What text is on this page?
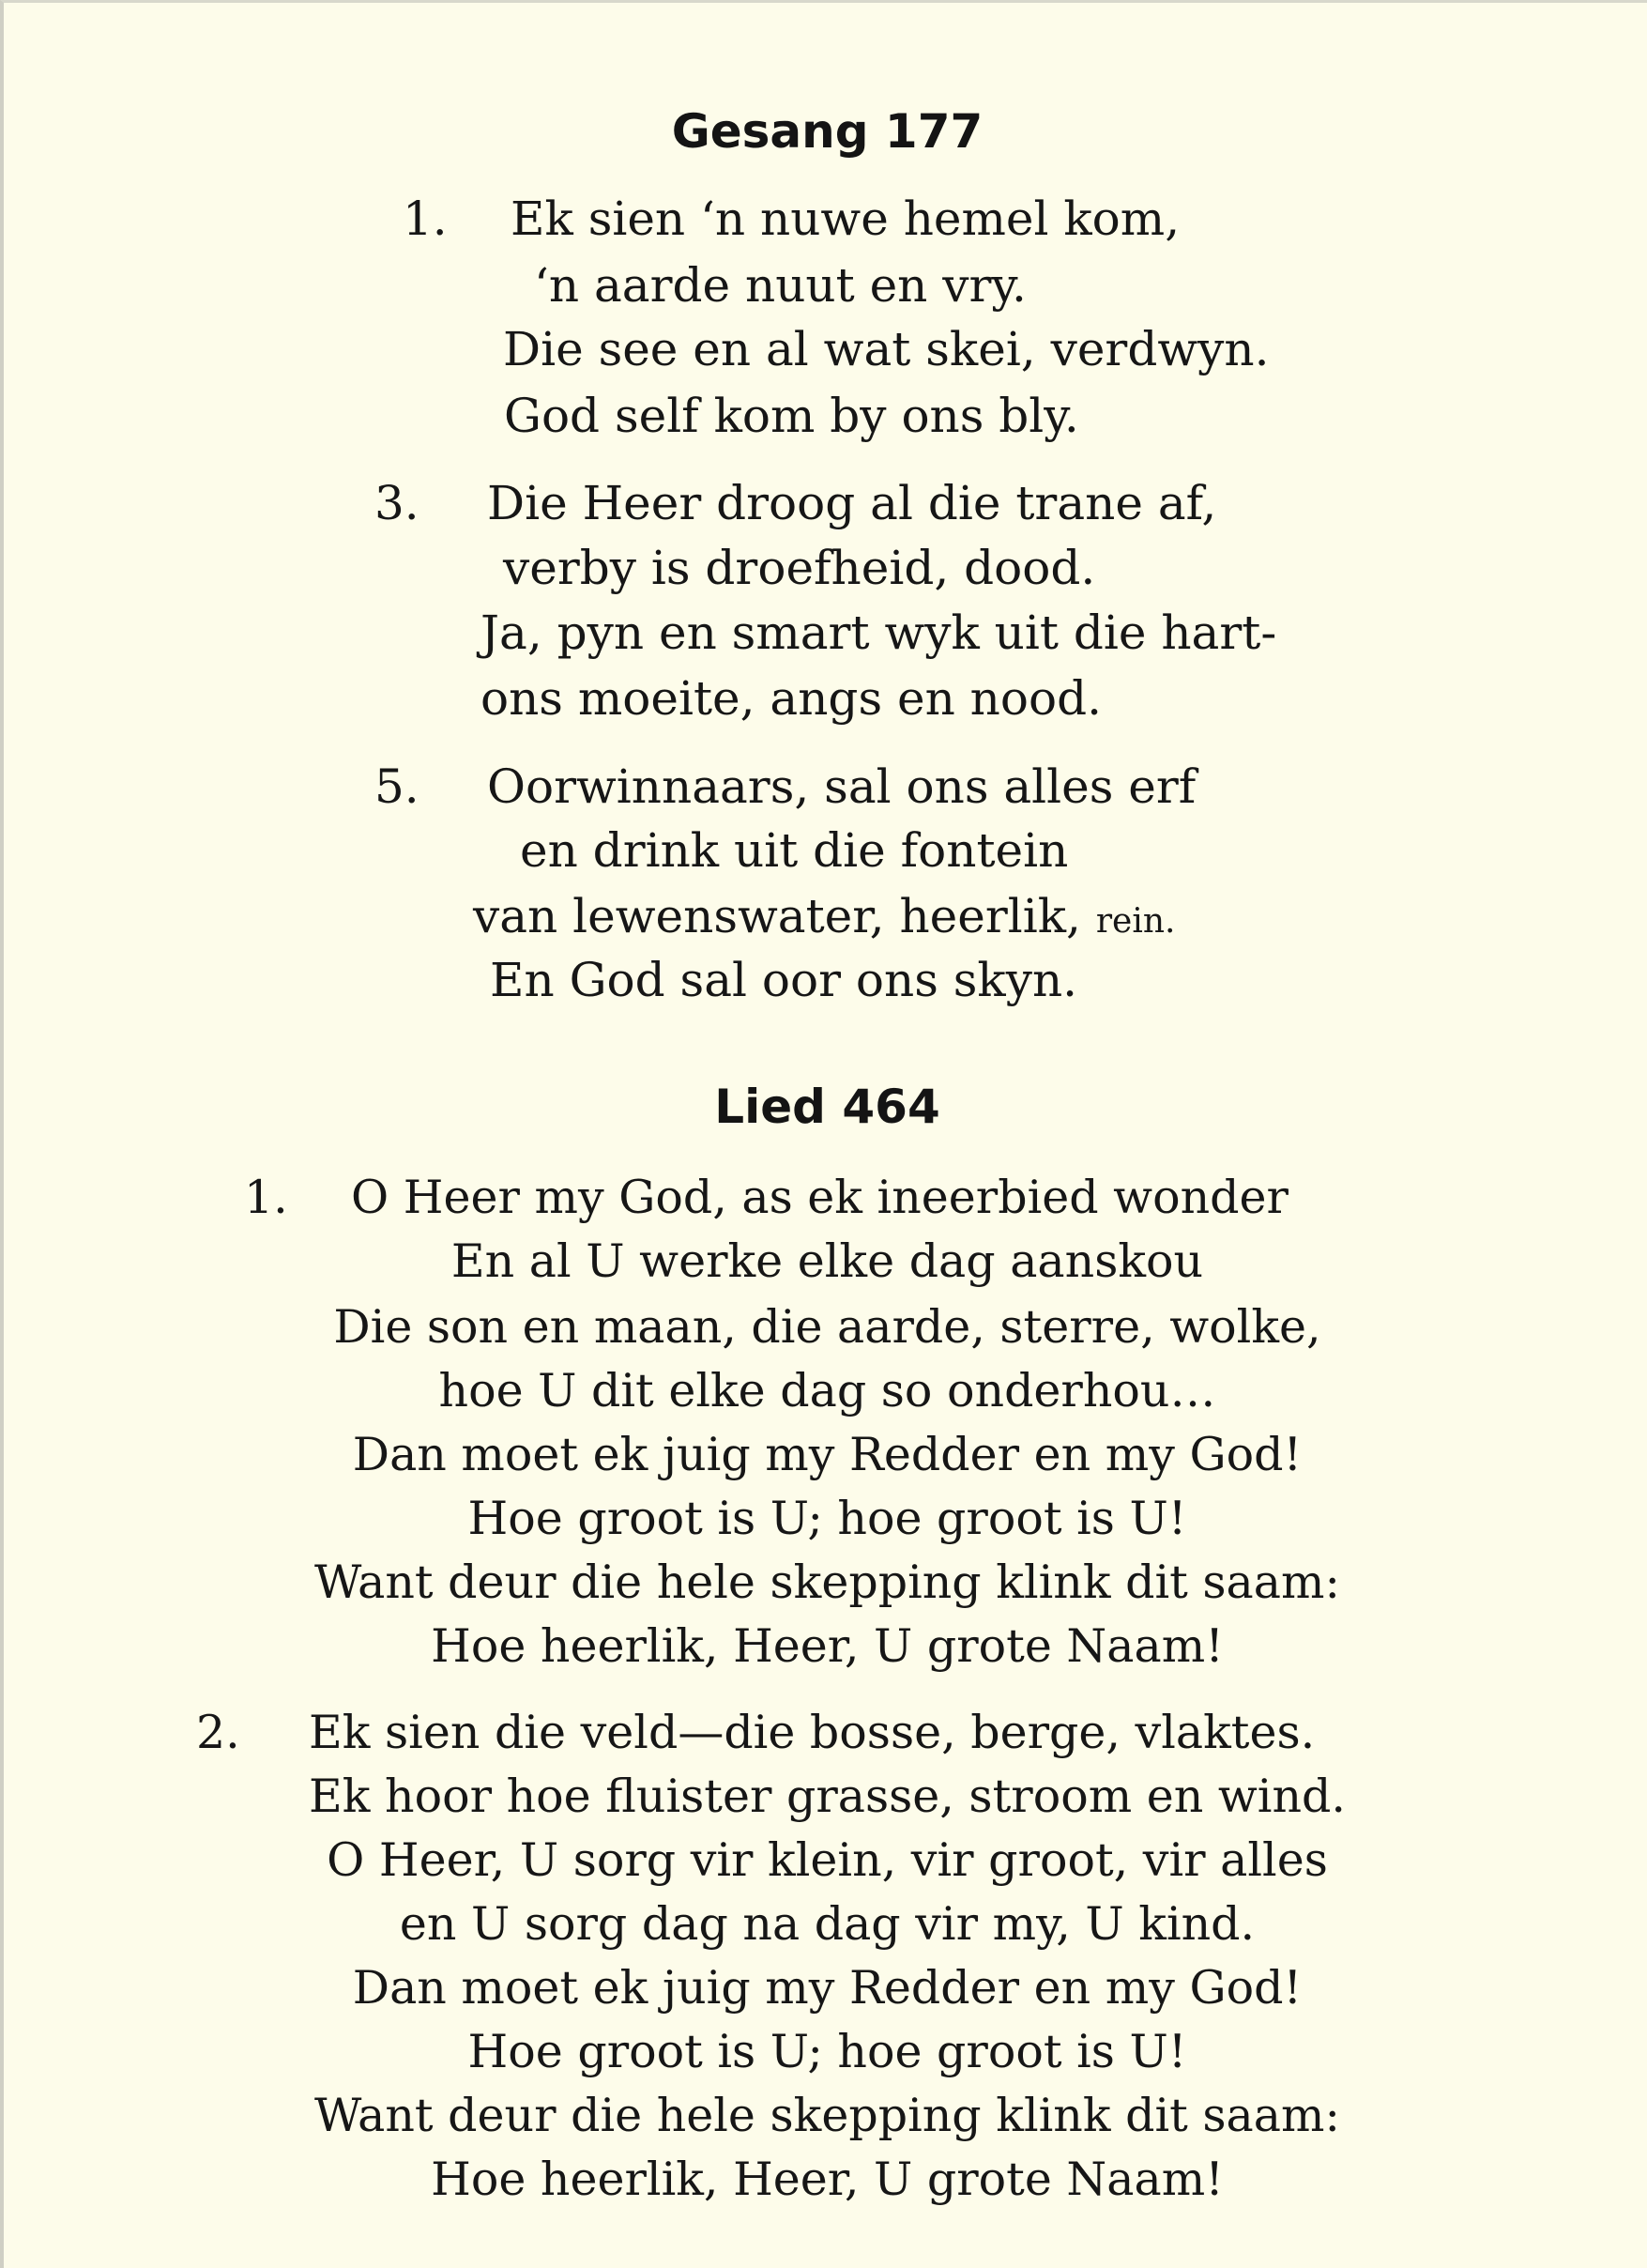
Gesang 177
1. Ek sien ‘n nuwe hemel kom,
‘n aarde nuut en vry.
Die see en al wat skei, verdwyn.
God self kom by ons bly.
3. Die Heer droog al die trane af,
verby is droefheid, dood.
Ja, pyn en smart wyk uit die hart-
ons moeite, angs en nood.
5. Oorwinnaars, sal ons alles erf
en drink uit die fontein
van lewenswater, heerlik, rein.
En God sal oor ons skyn.
Lied 464
1. O Heer my God, as ek ineerbied wonder
En al U werke elke dag aanskou
Die son en maan, die aarde, sterre, wolke,
hoe U dit elke dag so onderhou…
Dan moet ek juig my Redder en my God!
Hoe groot is U; hoe groot is U!
Want deur die hele skepping klink dit saam:
Hoe heerlik, Heer, U grote Naam!
2. Ek sien die veld—die bosse, berge, vlaktes.
Ek hoor hoe fluister grasse, stroom en wind.
O Heer, U sorg vir klein, vir groot, vir alles
en U sorg dag na dag vir my, U kind.
Dan moet ek juig my Redder en my God!
Hoe groot is U; hoe groot is U!
Want deur die hele skepping klink dit saam:
Hoe heerlik, Heer, U grote Naam!
